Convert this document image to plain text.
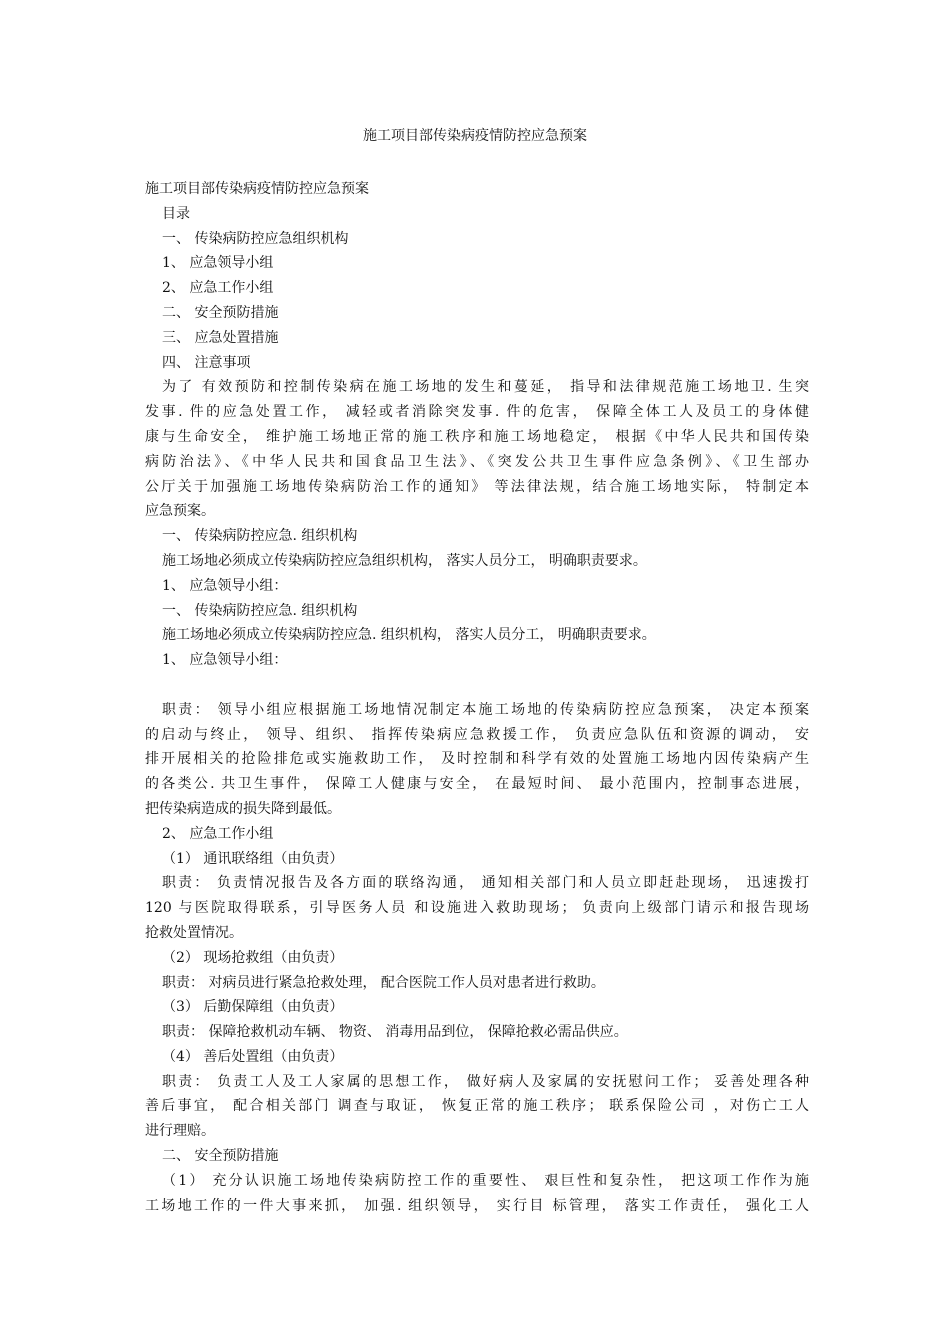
施工项目部传染病疫情防控应急预案
施工项目部传染病疫情防控应急预案
目录
一、 传染病防控应急组织机构
1、 应急领导小组
2、 应急工作小组
二、 安全预防措施
三、 应急处置措施
四、 注意事项
为了 有效预防和控制传染病在施工场地的发生和蔓延， 指导和法律规范施工场地卫. 生突
发事. 件的应急处置工作， 减轻或者消除突发事. 件的危害， 保障全体工人及员工的身体健
康与生命安全， 维护施工场地正常的施工秩序和施工场地稳定， 根据《中华人民共和国传染
病防治法》、《中华人民共和国食品卫生法》、《突发公共卫生事件应急条例》、《卫生部办
公厅关于加强施工场地传染病防治工作的通知》 等法律法规，结合施工场地实际， 特制定本
应急预案。
一、 传染病防控应急. 组织机构
施工场地必须成立传染病防控应急组织机构， 落实人员分工， 明确职责要求。
1、 应急领导小组：
一、 传染病防控应急. 组织机构
施工场地必须成立传染病防控应急. 组织机构， 落实人员分工， 明确职责要求。
1、 应急领导小组：
职责： 领导小组应根据施工场地情况制定本施工场地的传染病防控应急预案， 决定本预案
的启动与终止， 领导、组织、 指挥传染病应急救援工作， 负责应急队伍和资源的调动， 安
排开展相关的抢险排危或实施救助工作， 及时控制和科学有效的处置施工场地内因传染病产生
的各类公. 共卫生事件， 保障工人健康与安全， 在最短时间、 最小范围内，控制事态进展，
把传染病造成的损失降到最低。
2、 应急工作小组
（1） 通讯联络组（由负责）
职责： 负责情况报告及各方面的联络沟通， 通知相关部门和人员立即赶赴现场， 迅速拨打
120 与医院取得联系，引导医务人员 和设施进入救助现场； 负责向上级部门请示和报告现场
抢救处置情况。
（2） 现场抢救组（由负责）
职责： 对病员进行紧急抢救处理， 配合医院工作人员对患者进行救助。
（3） 后勤保障组（由负责）
职责： 保障抢救机动车辆、 物资、 消毒用品到位， 保障抢救必需品供应。
（4） 善后处置组（由负责）
职责： 负责工人及工人家属的思想工作， 做好病人及家属的安抚慰问工作； 妥善处理各种
善后事宜， 配合相关部门 调查与取证， 恢复正常的施工秩序； 联系保险公司 ，对伤亡工人
进行理赔。
二、 安全预防措施
（1） 充分认识施工场地传染病防控工作的重要性、 艰巨性和复杂性， 把这项工作作为施
工场地工作的一件大事来抓， 加强. 组织领导， 实行目 标管理， 落实工作责任， 强化工人
